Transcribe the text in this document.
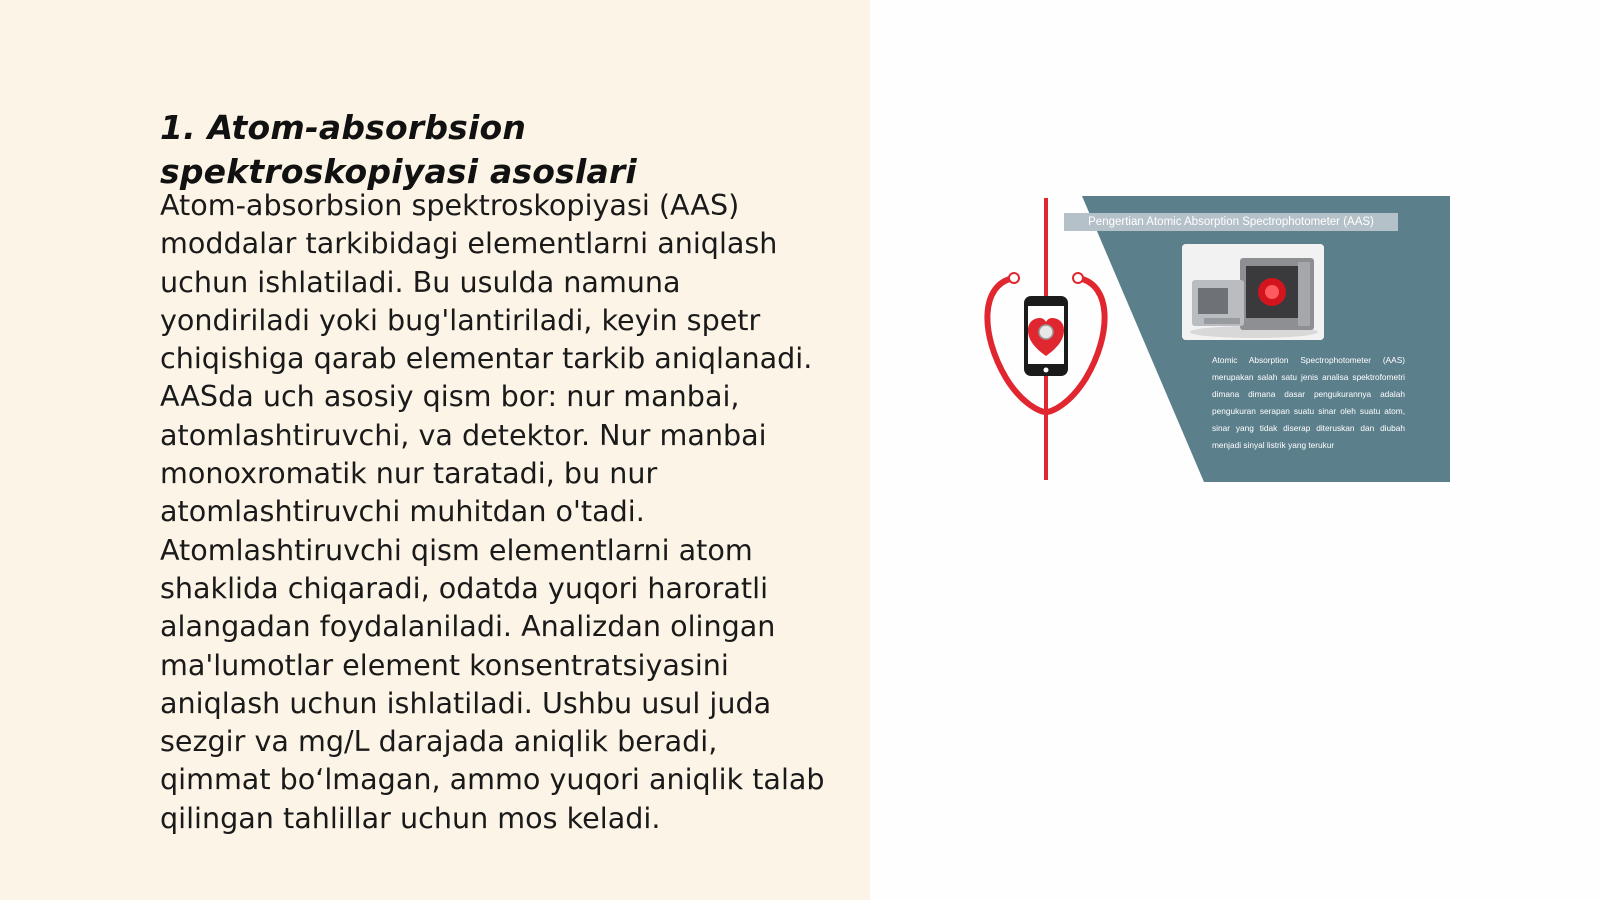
1. Atom-absorbsion spektroskopiyasi asoslari

Atom-absorbsion spektroskopiyasi (AAS) moddalar tarkibidagi elementlarni aniqlash uchun ishlatiladi. Bu usulda namuna yondiriladi yoki bug'lantiriladi, keyin spetr chiqishiga qarab elementar tarkib aniqlanadi. AASda uch asosiy qism bor: nur manbai, atomlashtiruvchi, va detektor. Nur manbai monoxromatik nur taratadi, bu nur atomlashtiruvchi muhitdan o'tadi. Atomlashtiruvchi qism elementlarni atom shaklida chiqaradi, odatda yuqori haroratli alangadan foydalaniladi. Analizdan olingan ma'lumotlar element konsentratsiyasini aniqlash uchun ishlatiladi. Ushbu usul juda sezgir va mg/L darajada aniqlik beradi, qimmat boʻlmagan, ammo yuqori aniqlik talab qilingan tahlillar uchun mos keladi.

Pengertian Atomic Absorption Spectrophotometer (AAS)
Atomic Absorption Spectrophotometer (AAS) merupakan salah satu jenis analisa spektrofometri dimana dimana dasar pengukurannya adalah pengukuran serapan suatu sinar oleh suatu atom, sinar yang tidak diserap diteruskan dan diubah menjadi sinyal listrik yang terukur
